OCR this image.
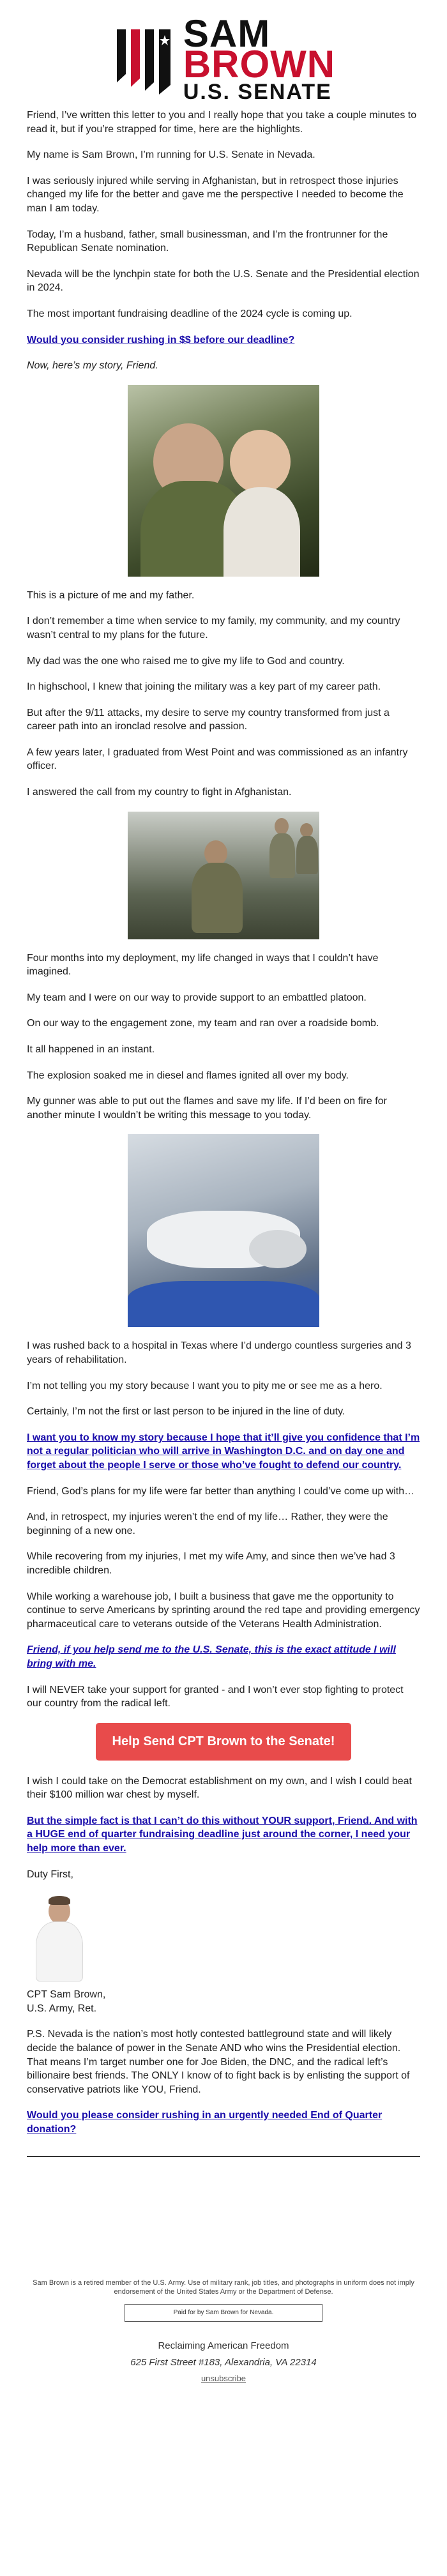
SAM
BROWN
U.S. SENATE

Friend, I’ve written this letter to you and I really hope that you take a couple minutes to read it, but if you’re strapped for time, here are the highlights.

My name is Sam Brown, I’m running for U.S. Senate in Nevada.

I was seriously injured while serving in Afghanistan, but in retrospect those injuries changed my life for the better and gave me the perspective I needed to become the man I am today.

Today, I’m a husband, father, small businessman, and I’m the frontrunner for the Republican Senate nomination.

Nevada will be the lynchpin state for both the U.S. Senate and the Presidential election in 2024.

The most important fundraising deadline of the 2024 cycle is coming up.

Would you consider rushing in $$ before our deadline?

Now, here’s my story, Friend.

This is a picture of me and my father.

I don’t remember a time when service to my family, my community, and my country wasn’t central to my plans for the future.

My dad was the one who raised me to give my life to God and country.

In highschool, I knew that joining the military was a key part of my career path.

But after the 9/11 attacks, my desire to serve my country transformed from just a career path into an ironclad resolve and passion.

A few years later, I graduated from West Point and was commissioned as an infantry officer.

I answered the call from my country to fight in Afghanistan.

Four months into my deployment, my life changed in ways that I couldn’t have imagined.

My team and I were on our way to provide support to an embattled platoon.

On our way to the engagement zone, my team and ran over a roadside bomb.

It all happened in an instant.

The explosion soaked me in diesel and flames ignited all over my body.

My gunner was able to put out the flames and save my life. If I’d been on fire for another minute I wouldn’t be writing this message to you today.

I was rushed back to a hospital in Texas where I’d undergo countless surgeries and 3 years of rehabilitation.

I’m not telling you my story because I want you to pity me or see me as a hero.

Certainly, I’m not the first or last person to be injured in the line of duty.

I want you to know my story because I hope that it’ll give you confidence that I’m not a regular politician who will arrive in Washington D.C. and on day one and forget about the people I serve or those who’ve fought to defend our country.

Friend, God’s plans for my life were far better than anything I could’ve come up with…

And, in retrospect, my injuries weren’t the end of my life… Rather, they were the beginning of a new one.

While recovering from my injuries, I met my wife Amy, and since then we’ve had 3 incredible children.

While working a warehouse job, I built a business that gave me the opportunity to continue to serve Americans by sprinting around the red tape and providing emergency pharmaceutical care to veterans outside of the Veterans Health Administration.

Friend, if you help send me to the U.S. Senate, this is the exact attitude I will bring with me.

I will NEVER take your support for granted - and I won’t ever stop fighting to protect our country from the radical left.

Help Send CPT Brown to the Senate!

I wish I could take on the Democrat establishment on my own, and I wish I could beat their $100 million war chest by myself.

But the simple fact is that I can’t do this without YOUR support, Friend. And with a HUGE end of quarter fundraising deadline just around the corner, I need your help more than ever.

Duty First,

CPT Sam Brown,
U.S. Army, Ret.

P.S. Nevada is the nation’s most hotly contested battleground state and will likely decide the balance of power in the Senate AND who wins the Presidential election. That means I’m target number one for Joe Biden, the DNC, and the radical left’s billionaire best friends. The ONLY I know of to fight back is by enlisting the support of conservative patriots like YOU, Friend.

Would you please consider rushing in an urgently needed End of Quarter donation?

Sam Brown is a retired member of the U.S. Army. Use of military rank, job titles, and photographs in uniform does not imply endorsement of the United States Army or the Department of Defense.

Paid for by Sam Brown for Nevada.
Reclaiming American Freedom
625 First Street #183, Alexandria, VA 22314
unsubscribe
